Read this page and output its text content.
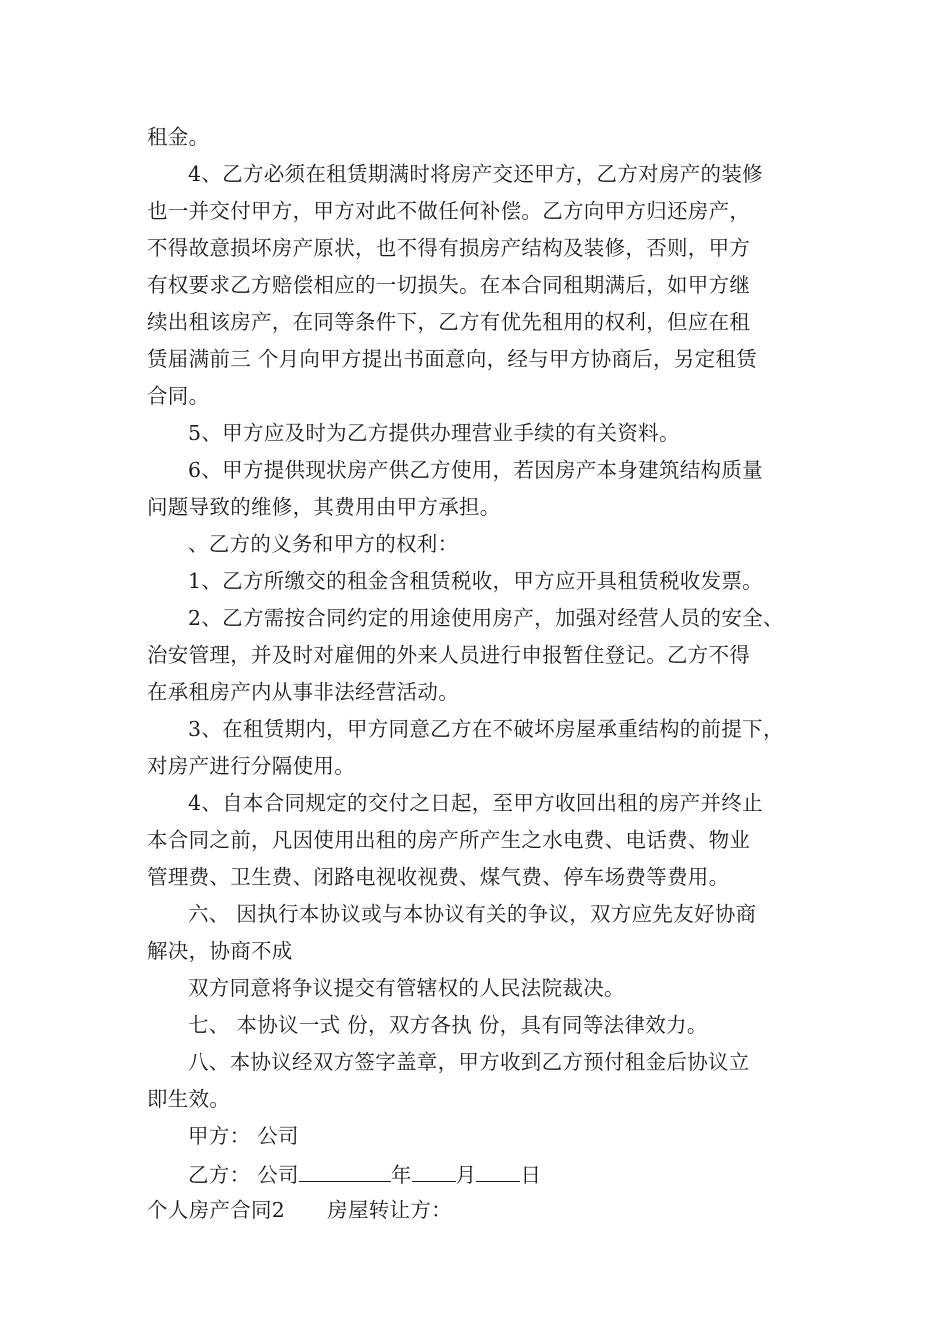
租金。
4、乙方必须在租赁期满时将房产交还甲方，乙方对房产的装修
也一并交付甲方，甲方对此不做任何补偿。乙方向甲方归还房产，
不得故意损坏房产原状，也不得有损房产结构及装修，否则，甲方
有权要求乙方赔偿相应的一切损失。在本合同租期满后，如甲方继
续出租该房产，在同等条件下，乙方有优先租用的权利，但应在租
赁届满前三 个月向甲方提出书面意向，经与甲方协商后，另定租赁
合同。
5、甲方应及时为乙方提供办理营业手续的有关资料。
6、甲方提供现状房产供乙方使用，若因房产本身建筑结构质量
问题导致的维修，其费用由甲方承担。
、乙方的义务和甲方的权利：
1、乙方所缴交的租金含租赁税收，甲方应开具租赁税收发票。
2、乙方需按合同约定的用途使用房产，加强对经营人员的安全、
治安管理，并及时对雇佣的外来人员进行申报暂住登记。乙方不得
在承租房产内从事非法经营活动。
3、在租赁期内，甲方同意乙方在不破坏房屋承重结构的前提下，
对房产进行分隔使用。
4、自本合同规定的交付之日起，至甲方收回出租的房产并终止
本合同之前，凡因使用出租的房产所产生之水电费、电话费、物业
管理费、卫生费、闭路电视收视费、煤气费、停车场费等费用。
六、 因执行本协议或与本协议有关的争议，双方应先友好协商
解决，协商不成
双方同意将争议提交有管辖权的人民法院裁决。
七、 本协议一式 份，双方各执 份，具有同等法律效力。
八、本协议经双方签字盖章，甲方收到乙方预付租金后协议立
即生效。
甲方： 公司
乙方： 公司	年 月 日
个人房产合同2 房屋转让方：
